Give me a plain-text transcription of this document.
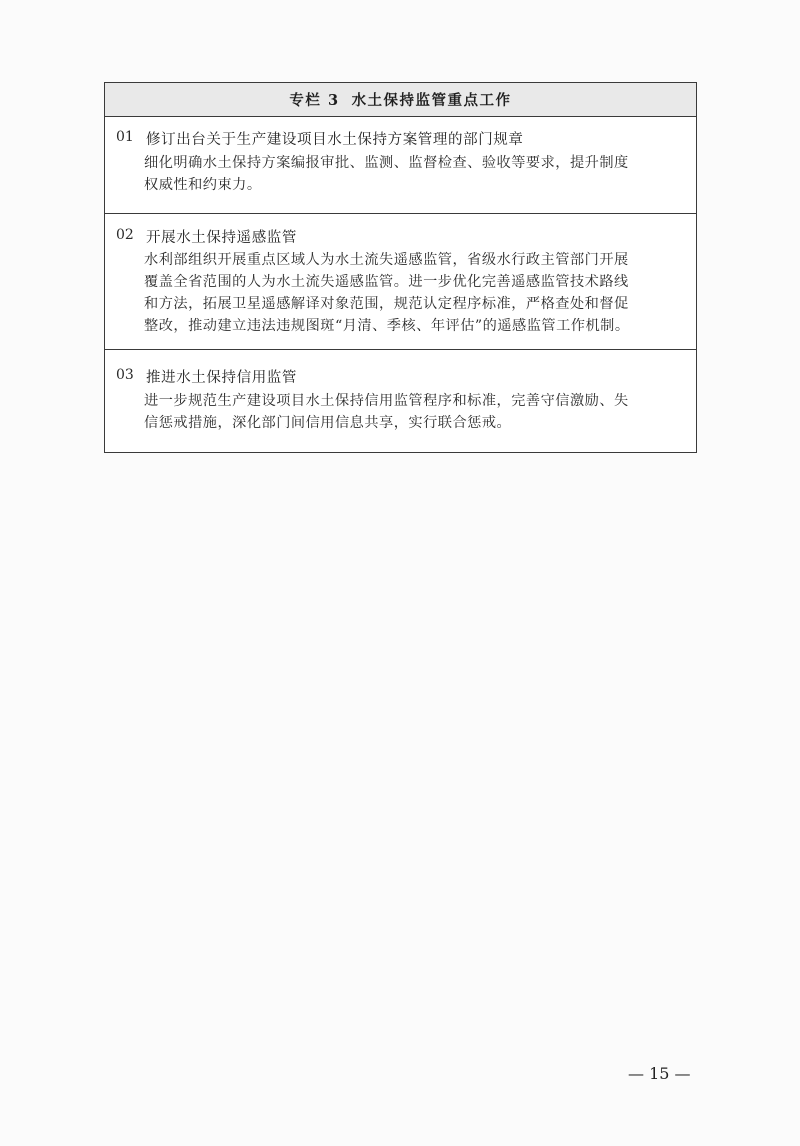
专栏 3 水土保持监管重点工作
01 修订出台关于生产建设项目水土保持方案管理的部门规章
细化明确水土保持方案编报审批、监测、监督检查、验收等要求，提升制度
权威性和约束力。
02 开展水土保持遥感监管
水利部组织开展重点区域人为水土流失遥感监管，省级水行政主管部门开展
覆盖全省范围的人为水土流失遥感监管。进一步优化完善遥感监管技术路线
和方法，拓展卫星遥感解译对象范围，规范认定程序标准，严格查处和督促
整改，推动建立违法违规图斑“月清、季核、年评估”的遥感监管工作机制。
03 推进水土保持信用监管
进一步规范生产建设项目水土保持信用监管程序和标准，完善守信激励、失
信惩戒措施，深化部门间信用信息共享，实行联合惩戒。
— 15 —
